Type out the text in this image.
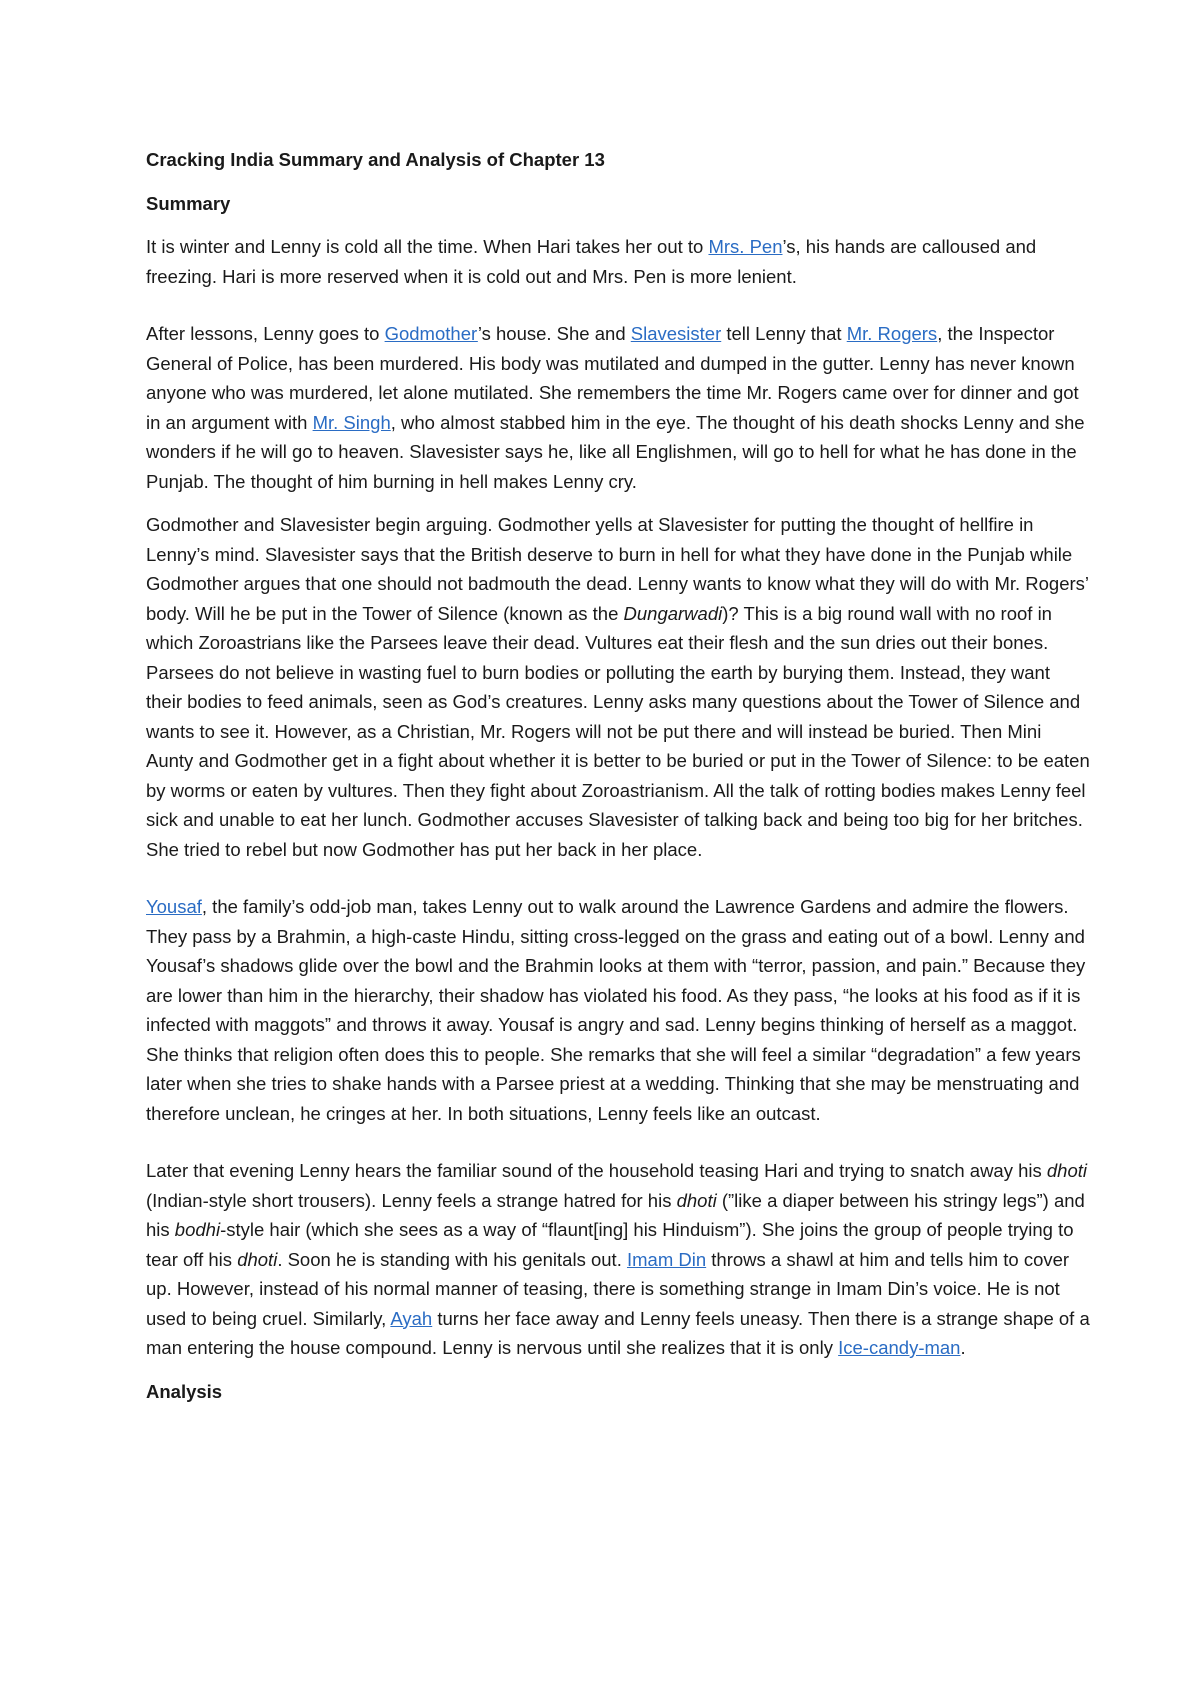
Cracking India Summary and Analysis of Chapter 13

Summary

It is winter and Lenny is cold all the time. When Hari takes her out to Mrs. Pen’s, his hands are calloused and freezing. Hari is more reserved when it is cold out and Mrs. Pen is more lenient.

After lessons, Lenny goes to Godmother’s house. She and Slavesister tell Lenny that Mr. Rogers, the Inspector General of Police, has been murdered. His body was mutilated and dumped in the gutter. Lenny has never known anyone who was murdered, let alone mutilated. She remembers the time Mr. Rogers came over for dinner and got in an argument with Mr. Singh, who almost stabbed him in the eye. The thought of his death shocks Lenny and she wonders if he will go to heaven. Slavesister says he, like all Englishmen, will go to hell for what he has done in the Punjab. The thought of him burning in hell makes Lenny cry.

Godmother and Slavesister begin arguing. Godmother yells at Slavesister for putting the thought of hellfire in Lenny’s mind. Slavesister says that the British deserve to burn in hell for what they have done in the Punjab while Godmother argues that one should not badmouth the dead. Lenny wants to know what they will do with Mr. Rogers’ body. Will he be put in the Tower of Silence (known as the Dungarwadi)? This is a big round wall with no roof in which Zoroastrians like the Parsees leave their dead. Vultures eat their flesh and the sun dries out their bones. Parsees do not believe in wasting fuel to burn bodies or polluting the earth by burying them. Instead, they want their bodies to feed animals, seen as God’s creatures. Lenny asks many questions about the Tower of Silence and wants to see it. However, as a Christian, Mr. Rogers will not be put there and will instead be buried. Then Mini Aunty and Godmother get in a fight about whether it is better to be buried or put in the Tower of Silence: to be eaten by worms or eaten by vultures. Then they fight about Zoroastrianism. All the talk of rotting bodies makes Lenny feel sick and unable to eat her lunch. Godmother accuses Slavesister of talking back and being too big for her britches. She tried to rebel but now Godmother has put her back in her place.

Yousaf, the family’s odd-job man, takes Lenny out to walk around the Lawrence Gardens and admire the flowers. They pass by a Brahmin, a high-caste Hindu, sitting cross-legged on the grass and eating out of a bowl. Lenny and Yousaf’s shadows glide over the bowl and the Brahmin looks at them with “terror, passion, and pain.” Because they are lower than him in the hierarchy, their shadow has violated his food. As they pass, “he looks at his food as if it is infected with maggots” and throws it away. Yousaf is angry and sad. Lenny begins thinking of herself as a maggot. She thinks that religion often does this to people. She remarks that she will feel a similar “degradation” a few years later when she tries to shake hands with a Parsee priest at a wedding. Thinking that she may be menstruating and therefore unclean, he cringes at her. In both situations, Lenny feels like an outcast.

Later that evening Lenny hears the familiar sound of the household teasing Hari and trying to snatch away his dhoti (Indian-style short trousers). Lenny feels a strange hatred for his dhoti (”like a diaper between his stringy legs”) and his bodhi-style hair (which she sees as a way of “flaunt[ing] his Hinduism”). She joins the group of people trying to tear off his dhoti. Soon he is standing with his genitals out. Imam Din throws a shawl at him and tells him to cover up. However, instead of his normal manner of teasing, there is something strange in Imam Din’s voice. He is not used to being cruel. Similarly, Ayah turns her face away and Lenny feels uneasy. Then there is a strange shape of a man entering the house compound. Lenny is nervous until she realizes that it is only Ice-candy-man.

Analysis
